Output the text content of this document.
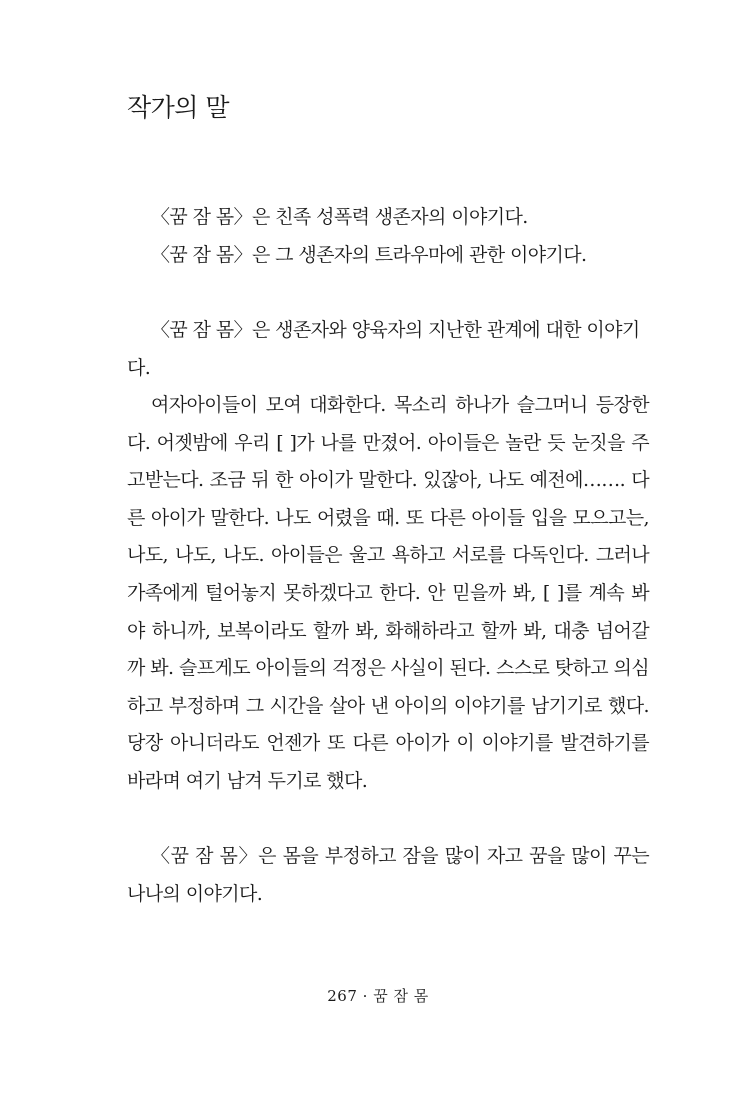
작가의 말

〈꿈 잠 몸〉은 친족 성폭력 생존자의 이야기다.

〈꿈 잠 몸〉은 그 생존자의 트라우마에 관한 이야기다.

〈꿈 잠 몸〉은 생존자와 양육자의 지난한 관계에 대한 이야기다.

여자아이들이 모여 대화한다. 목소리 하나가 슬그머니 등장한다. 어젯밤에 우리 [ ]가 나를 만졌어. 아이들은 놀란 듯 눈짓을 주고받는다. 조금 뒤 한 아이가 말한다. 있잖아, 나도 예전에……. 다른 아이가 말한다. 나도 어렸을 때. 또 다른 아이들 입을 모으고는, 나도, 나도, 나도. 아이들은 울고 욕하고 서로를 다독인다. 그러나 가족에게 털어놓지 못하겠다고 한다. 안 믿을까 봐, [ ]를 계속 봐야 하니까, 보복이라도 할까 봐, 화해하라고 할까 봐, 대충 넘어갈까 봐. 슬프게도 아이들의 걱정은 사실이 된다. 스스로 탓하고 의심하고 부정하며 그 시간을 살아 낸 아이의 이야기를 남기기로 했다. 당장 아니더라도 언젠가 또 다른 아이가 이 이야기를 발견하기를 바라며 여기 남겨 두기로 했다.

〈꿈 잠 몸〉은 몸을 부정하고 잠을 많이 자고 꿈을 많이 꾸는 나나의 이야기다.

267 · 꿈 잠 몸
